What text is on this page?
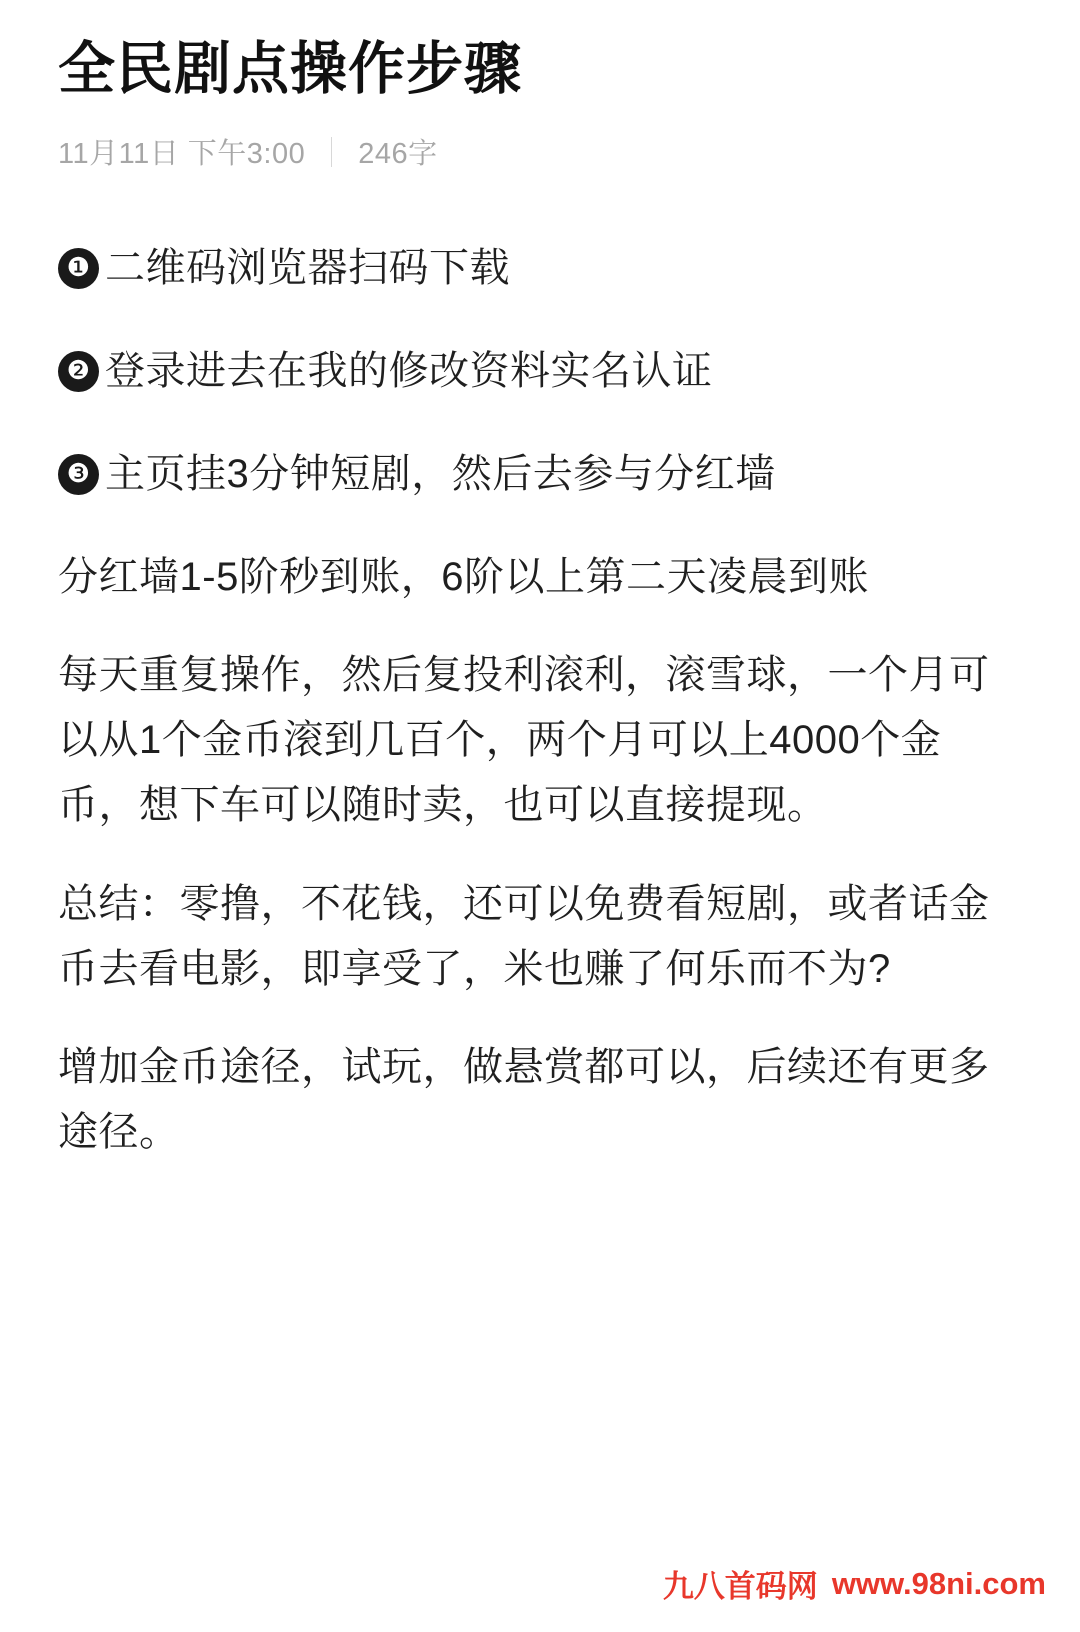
全民剧点操作步骤
11月11日 下午3:00 246字
❶ 二维码浏览器扫码下载
❷ 登录进去在我的修改资料实名认证
❸ 主页挂3分钟短剧，然后去参与分红墙

分红墙1-5阶秒到账，6阶以上第二天凌晨到账

每天重复操作，然后复投利滚利，滚雪球，一个月可以从1个金币滚到几百个，两个月可以上4000个金币，想下车可以随时卖，也可以直接提现。

总结：零撸，不花钱，还可以免费看短剧，或者话金币去看电影，即享受了，米也赚了何乐而不为?

增加金币途径，试玩，做悬赏都可以，后续还有更多途径。

九八首码网 www.98ni.com
